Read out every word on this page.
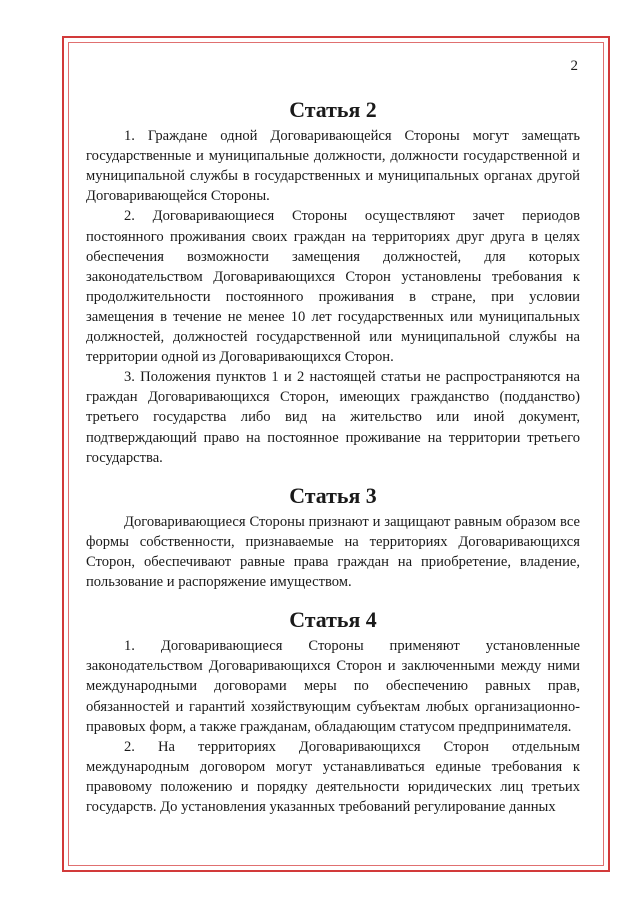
2
Статья 2

1. Граждане одной Договаривающейся Стороны могут замещать государственные и муниципальные должности, должности государственной и муниципальной службы в государственных и муниципальных органах другой Договаривающейся Стороны.

2. Договаривающиеся Стороны осуществляют зачет периодов постоянного проживания своих граждан на территориях друг друга в целях обеспечения возможности замещения должностей, для которых законодательством Договаривающихся Сторон установлены требования к продолжительности постоянного проживания в стране, при условии замещения в течение не менее 10 лет государственных или муниципальных должностей, должностей государственной или муниципальной службы на территории одной из Договаривающихся Сторон.

3. Положения пунктов 1 и 2 настоящей статьи не распространяются на граждан Договаривающихся Сторон, имеющих гражданство (подданство) третьего государства либо вид на жительство или иной документ, подтверждающий право на постоянное проживание на территории третьего государства.

Статья 3

Договаривающиеся Стороны признают и защищают равным образом все формы собственности, признаваемые на территориях Договаривающихся Сторон, обеспечивают равные права граждан на приобретение, владение, пользование и распоряжение имуществом.

Статья 4

1. Договаривающиеся Стороны применяют установленные законодательством Договаривающихся Сторон и заключенными между ними международными договорами меры по обеспечению равных прав, обязанностей и гарантий хозяйствующим субъектам любых организационно-правовых форм, а также гражданам, обладающим статусом предпринимателя.

2. На территориях Договаривающихся Сторон отдельным международным договором могут устанавливаться единые требования к правовому положению и порядку деятельности юридических лиц третьих государств. До установления указанных требований регулирование данных
